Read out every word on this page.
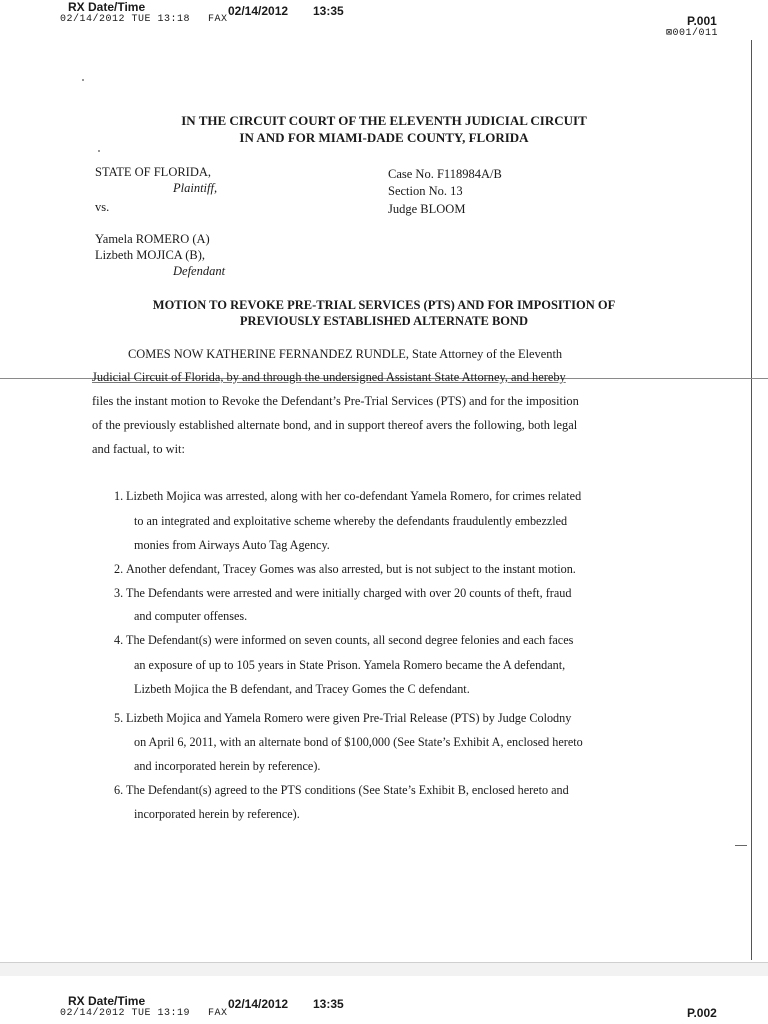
RX Date/Time	02/14/2012 13:35
02/14/2012 TUE 13:18 FAX	P.001
⊠001/011
IN THE CIRCUIT COURT OF THE ELEVENTH JUDICIAL CIRCUIT
IN AND FOR MIAMI-DADE COUNTY, FLORIDA
STATE OF FLORIDA,
Plaintiff,
vs.
Yamela ROMERO (A)
Lizbeth MOJICA (B),
Defendant
Case No. F118984A/B
Section No. 13
Judge BLOOM
MOTION TO REVOKE PRE-TRIAL SERVICES (PTS) AND FOR IMPOSITION OF
PREVIOUSLY ESTABLISHED ALTERNATE BOND
COMES NOW KATHERINE FERNANDEZ RUNDLE, State Attorney of the Eleventh
Judicial Circuit of Florida, by and through the undersigned Assistant State Attorney, and hereby
files the instant motion to Revoke the Defendant’s Pre-Trial Services (PTS) and for the imposition
of the previously established alternate bond, and in support thereof avers the following, both legal
and factual, to wit:
1. Lizbeth Mojica was arrested, along with her co-defendant Yamela Romero, for crimes related
to an integrated and exploitative scheme whereby the defendants fraudulently embezzled
monies from Airways Auto Tag Agency.
2. Another defendant, Tracey Gomes was also arrested, but is not subject to the instant motion.
3. The Defendants were arrested and were initially charged with over 20 counts of theft, fraud
and computer offenses.
4. The Defendant(s) were informed on seven counts, all second degree felonies and each faces
an exposure of up to 105 years in State Prison. Yamela Romero became the A defendant,
Lizbeth Mojica the B defendant, and Tracey Gomes the C defendant.
5. Lizbeth Mojica and Yamela Romero were given Pre-Trial Release (PTS) by Judge Colodny
on April 6, 2011, with an alternate bond of $100,000 (See State’s Exhibit A, enclosed hereto
and incorporated herein by reference).
6. The Defendant(s) agreed to the PTS conditions (See State’s Exhibit B, enclosed hereto and
incorporated herein by reference).
RX Date/Time	02/14/2012 13:35
02/14/2012 TUE 13:19 FAX	P.002
